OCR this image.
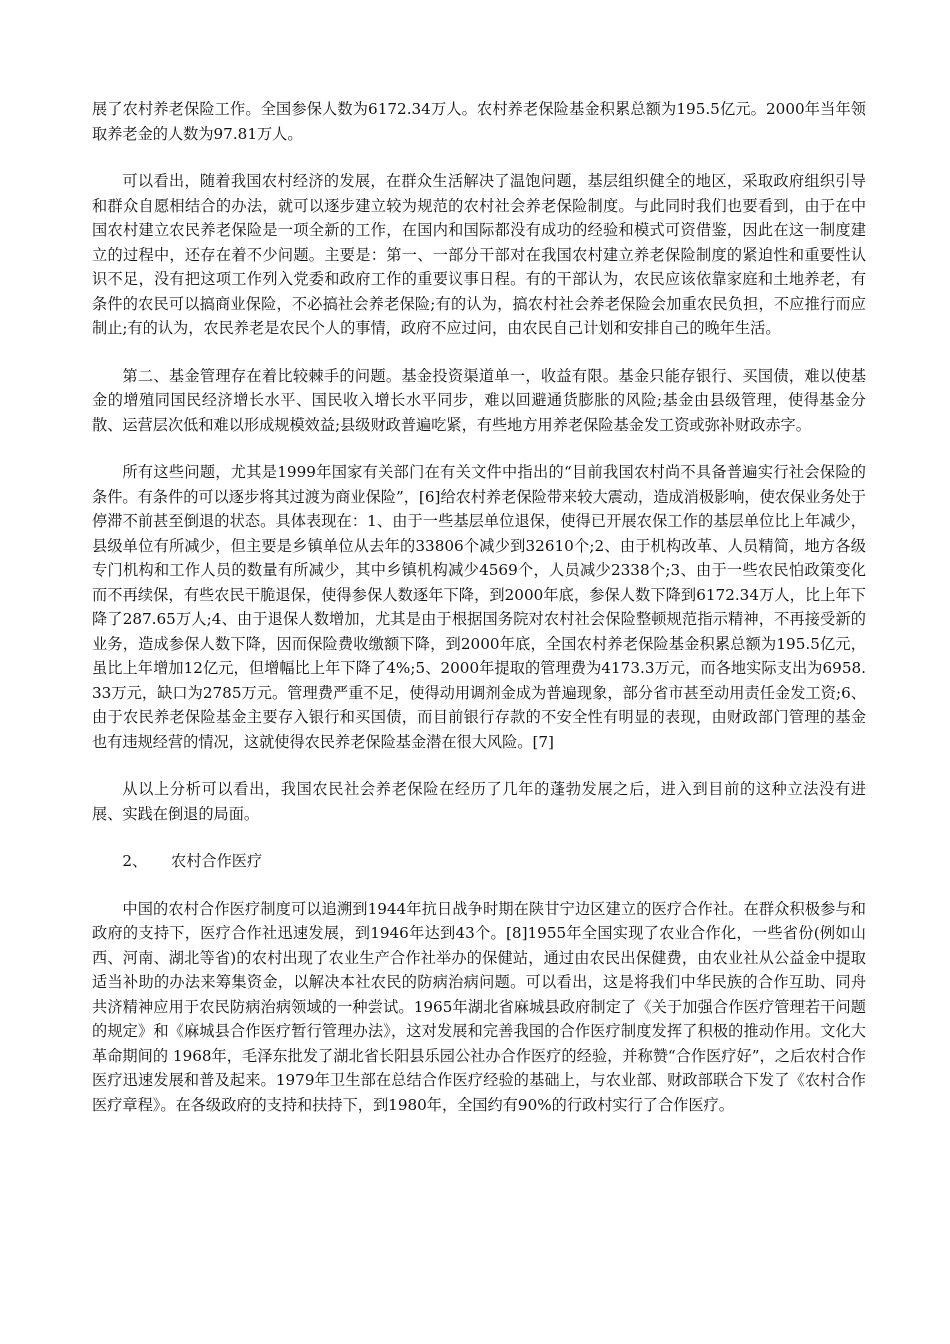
展了农村养老保险工作。全国参保人数为6172.34万人。农村养老保险基金积累总额为195.5亿元。2000年当年领取养老金的人数为97.81万人。

可以看出，随着我国农村经济的发展，在群众生活解决了温饱问题，基层组织健全的地区，采取政府组织引导和群众自愿相结合的办法，就可以逐步建立较为规范的农村社会养老保险制度。与此同时我们也要看到，由于在中国农村建立农民养老保险是一项全新的工作，在国内和国际都没有成功的经验和模式可资借鉴，因此在这一制度建立的过程中，还存在着不少问题。主要是：第一、一部分干部对在我国农村建立养老保险制度的紧迫性和重要性认识不足，没有把这项工作列入党委和政府工作的重要议事日程。有的干部认为，农民应该依靠家庭和土地养老，有条件的农民可以搞商业保险，不必搞社会养老保险;有的认为，搞农村社会养老保险会加重农民负担，不应推行而应制止;有的认为，农民养老是农民个人的事情，政府不应过问，由农民自己计划和安排自己的晚年生活。

第二、基金管理存在着比较棘手的问题。基金投资渠道单一，收益有限。基金只能存银行、买国债，难以使基金的增殖同国民经济增长水平、国民收入增长水平同步，难以回避通货膨胀的风险;基金由县级管理，使得基金分散、运营层次低和难以形成规模效益;县级财政普遍吃紧，有些地方用养老保险基金发工资或弥补财政赤字。

所有这些问题，尤其是1999年国家有关部门在有关文件中指出的“目前我国农村尚不具备普遍实行社会保险的条件。有条件的可以逐步将其过渡为商业保险”，[6]给农村养老保险带来较大震动，造成消极影响，使农保业务处于停滞不前甚至倒退的状态。具体表现在：1、由于一些基层单位退保，使得已开展农保工作的基层单位比上年减少，县级单位有所减少，但主要是乡镇单位从去年的33806个减少到32610个;2、由于机构改革、人员精简，地方各级专门机构和工作人员的数量有所减少，其中乡镇机构减少4569个，人员减少2338个;3、由于一些农民怕政策变化而不再续保，有些农民干脆退保，使得参保人数逐年下降，到2000年底，参保人数下降到6172.34万人，比上年下降了287.65万人;4、由于退保人数增加，尤其是由于根据国务院对农村社会保险整顿规范指示精神，不再接受新的业务，造成参保人数下降，因而保险费收缴额下降，到2000年底，全国农村养老保险基金积累总额为195.5亿元，虽比上年增加12亿元，但增幅比上年下降了4%;5、2000年提取的管理费为4173.3万元，而各地实际支出为6958.33万元，缺口为2785万元。管理费严重不足，使得动用调剂金成为普遍现象，部分省市甚至动用责任金发工资;6、由于农民养老保险基金主要存入银行和买国债，而目前银行存款的不安全性有明显的表现，由财政部门管理的基金也有违规经营的情况，这就使得农民养老保险基金潜在很大风险。[7]

从以上分析可以看出，我国农民社会养老保险在经历了几年的蓬勃发展之后，进入到目前的这种立法没有进展、实践在倒退的局面。

2、 农村合作医疗

中国的农村合作医疗制度可以追溯到1944年抗日战争时期在陕甘宁边区建立的医疗合作社。在群众积极参与和政府的支持下，医疗合作社迅速发展，到1946年达到43个。[8]1955年全国实现了农业合作化，一些省份(例如山西、河南、湖北等省)的农村出现了农业生产合作社举办的保健站，通过由农民出保健费，由农业社从公益金中提取适当补助的办法来筹集资金，以解决本社农民的防病治病问题。可以看出，这是将我们中华民族的合作互助、同舟共济精神应用于农民防病治病领域的一种尝试。1965年湖北省麻城县政府制定了《关于加强合作医疗管理若干问题的规定》和《麻城县合作医疗暂行管理办法》，这对发展和完善我国的合作医疗制度发挥了积极的推动作用。文化大革命期间的 1968年，毛泽东批发了湖北省长阳县乐园公社办合作医疗的经验，并称赞“合作医疗好”，之后农村合作医疗迅速发展和普及起来。1979年卫生部在总结合作医疗经验的基础上，与农业部、财政部联合下发了《农村合作医疗章程》。在各级政府的支持和扶持下，到1980年，全国约有90%的行政村实行了合作医疗。
